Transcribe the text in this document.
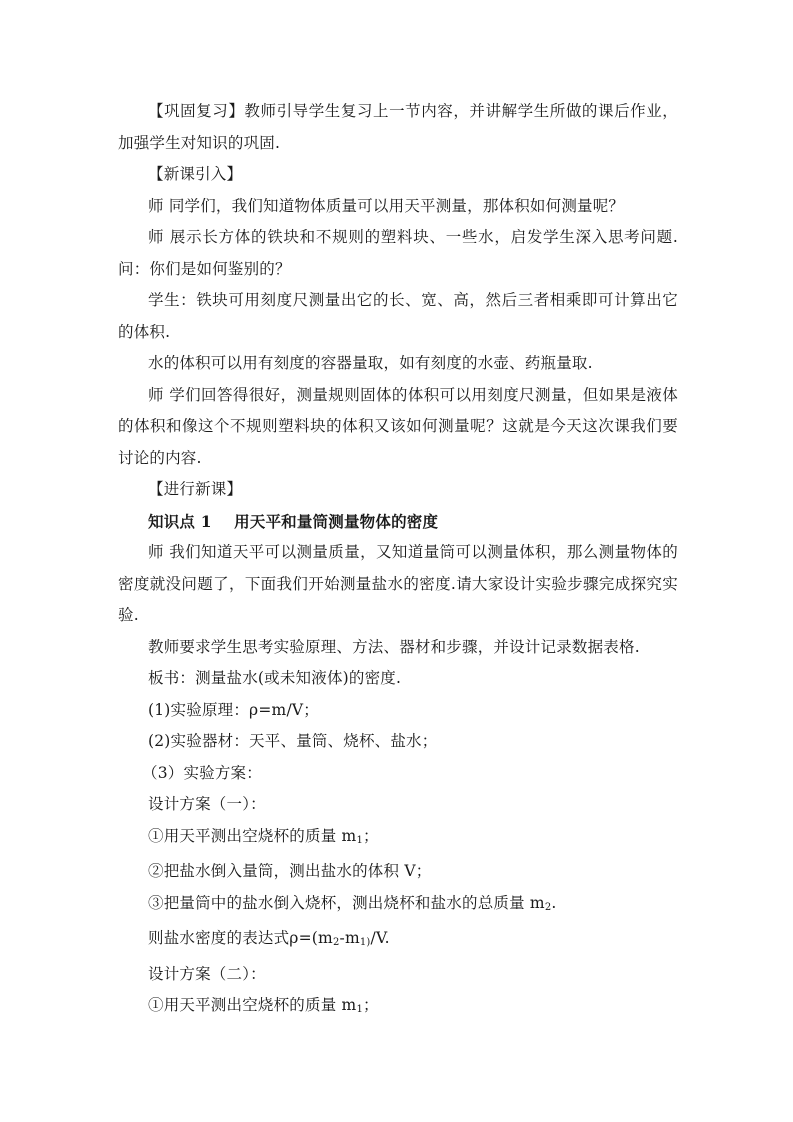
【巩固复习】教师引导学生复习上一节内容，并讲解学生所做的课后作业，加强学生对知识的巩固.

【新课引入】

师 同学们，我们知道物体质量可以用天平测量，那体积如何测量呢？

师 展示长方体的铁块和不规则的塑料块、一些水，启发学生深入思考问题.问：你们是如何鉴别的？

学生：铁块可用刻度尺测量出它的长、宽、高，然后三者相乘即可计算出它的体积.

水的体积可以用有刻度的容器量取，如有刻度的水壶、药瓶量取.

师 学们回答得很好，测量规则固体的体积可以用刻度尺测量，但如果是液体的体积和像这个不规则塑料块的体积又该如何测量呢？这就是今天这次课我们要讨论的内容.

【进行新课】

知识点 1    用天平和量筒测量物体的密度

师 我们知道天平可以测量质量，又知道量筒可以测量体积，那么测量物体的密度就没问题了，下面我们开始测量盐水的密度.请大家设计实验步骤完成探究实验.

教师要求学生思考实验原理、方法、器材和步骤，并设计记录数据表格.

板书：测量盐水(或未知液体)的密度.

(1)实验原理：ρ=m/V；

(2)实验器材：天平、量筒、烧杯、盐水；

（3）实验方案：

设计方案（一）：

①用天平测出空烧杯的质量 $m_1$；

②把盐水倒入量筒，测出盐水的体积 V；

③把量筒中的盐水倒入烧杯，测出烧杯和盐水的总质量 $m_2$.

则盐水密度的表达式$\rho=(m_2-m_{1)}/V$.

设计方案（二）：

①用天平测出空烧杯的质量 $m_1$；
